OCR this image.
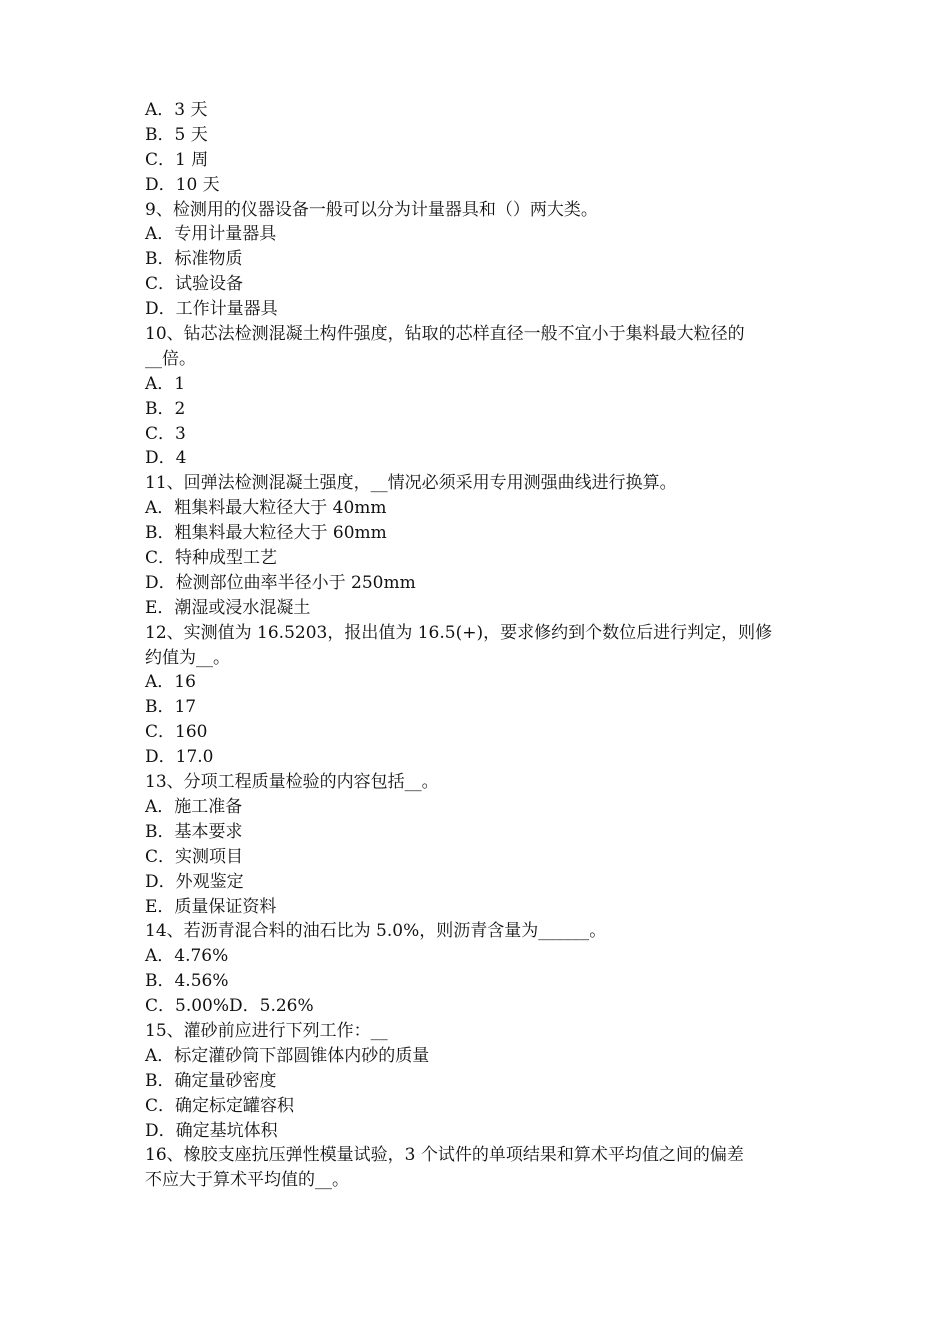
A．3 天

B．5 天

C．1 周

D．10 天

9、检测用的仪器设备一般可以分为计量器具和（）两大类。

A．专用计量器具

B．标准物质

C．试验设备

D．工作计量器具

10、钻芯法检测混凝土构件强度，钻取的芯样直径一般不宜小于集料最大粒径的

__倍。

A．1

B．2

C．3

D．4

11、回弹法检测混凝土强度，__情况必须采用专用测强曲线进行换算。

A．粗集料最大粒径大于 40mm

B．粗集料最大粒径大于 60mm

C．特种成型工艺

D．检测部位曲率半径小于 250mm

E．潮湿或浸水混凝土

12、实测值为 16.5203，报出值为 16.5(+)，要求修约到个数位后进行判定，则修

约值为__。

A．16

B．17

C．160

D．17.0

13、分项工程质量检验的内容包括__。

A．施工准备

B．基本要求

C．实测项目

D．外观鉴定

E．质量保证资料

14、若沥青混合料的油石比为 5.0%，则沥青含量为______。

A．4.76%

B．4.56%

C．5.00%D．5.26%

15、灌砂前应进行下列工作：__

A．标定灌砂筒下部圆锥体内砂的质量

B．确定量砂密度

C．确定标定罐容积

D．确定基坑体积

16、橡胶支座抗压弹性模量试验，3 个试件的单项结果和算术平均值之间的偏差

不应大于算术平均值的__。
